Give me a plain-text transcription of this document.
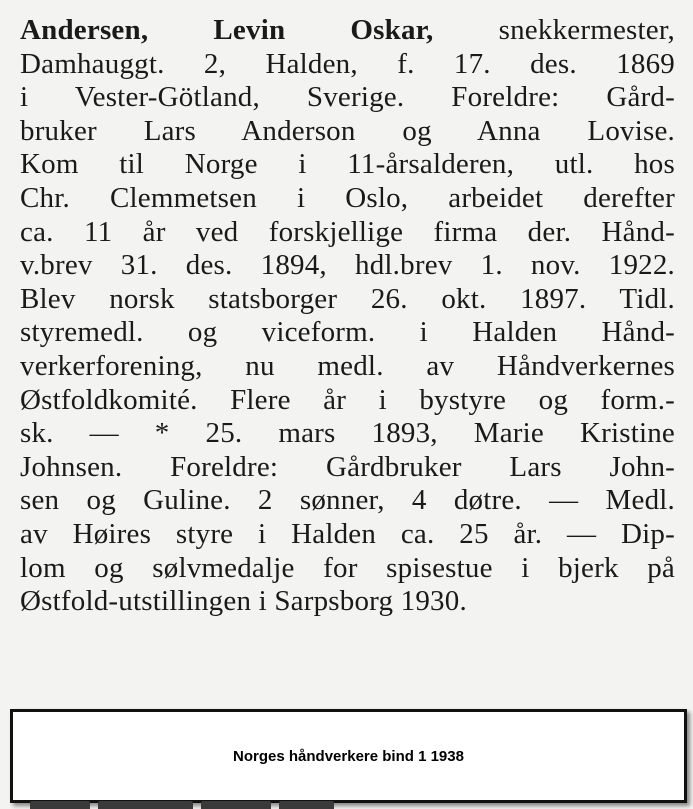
Andersen, Levin Oskar, snekkermester,
Damhauggt. 2, Halden, f. 17. des. 1869
i Vester-Götland, Sverige. Foreldre: Gård-
bruker Lars Anderson og Anna Lovise.
Kom til Norge i 11-årsalderen, utl. hos
Chr. Clemmetsen i Oslo, arbeidet derefter
ca. 11 år ved forskjellige firma der. Hånd-
v.brev 31. des. 1894, hdl.brev 1. nov. 1922.
Blev norsk statsborger 26. okt. 1897. Tidl.
styremedl. og viceform. i Halden Hånd-
verkerforening, nu medl. av Håndverkernes
Østfoldkomité. Flere år i bystyre og form.-
sk. — * 25. mars 1893, Marie Kristine
Johnsen. Foreldre: Gårdbruker Lars John-
sen og Guline. 2 sønner, 4 døtre. — Medl.
av Høires styre i Halden ca. 25 år. — Dip-
lom og sølvmedalje for spisestue i bjerk på
Østfold-utstillingen i Sarpsborg 1930.
Norges håndverkere bind 1 1938
